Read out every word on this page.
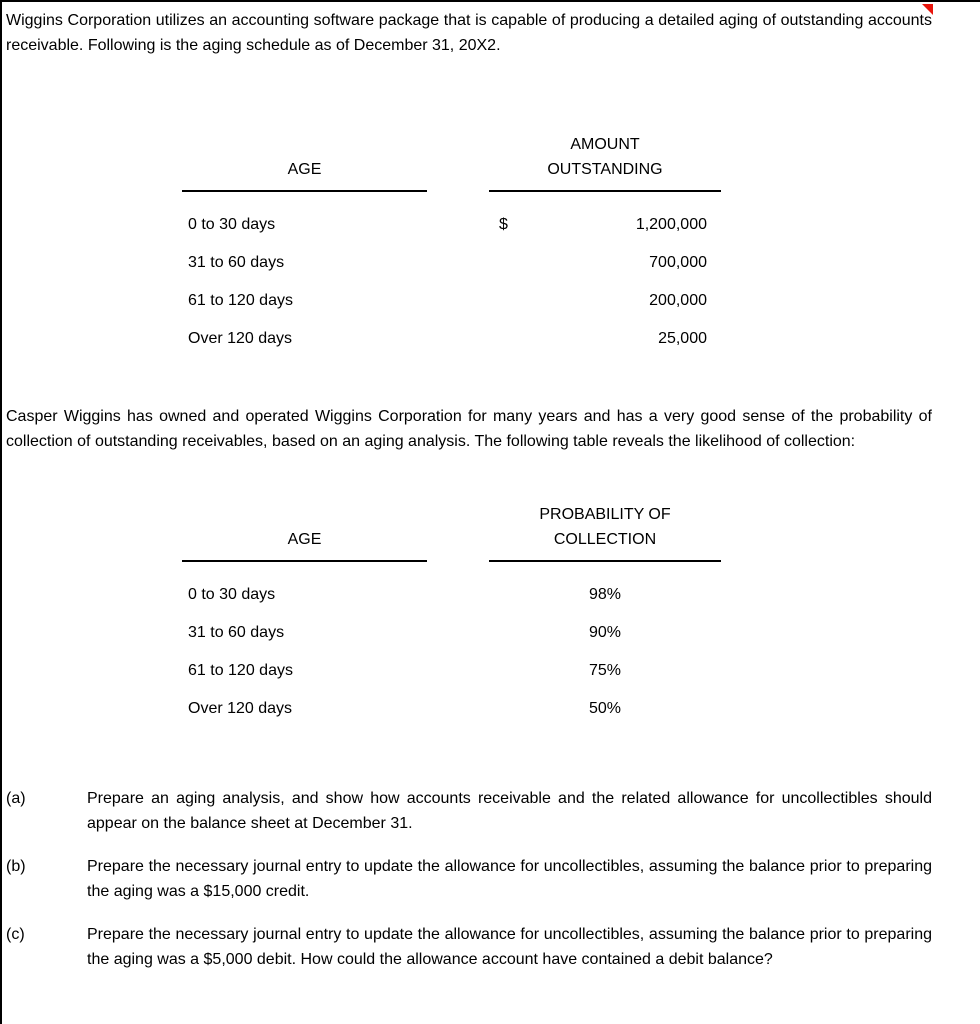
Wiggins Corporation utilizes an accounting software package that is capable of producing a detailed aging of outstanding accounts receivable. Following is the aging schedule as of December 31, 20X2.

AGE
AMOUNT
OUTSTANDING
0 to 30 days	$	1,200,000
31 to 60 days	700,000
61 to 120 days	200,000
Over 120 days	25,000

Casper Wiggins has owned and operated Wiggins Corporation for many years and has a very good sense of the probability of collection of outstanding receivables, based on an aging analysis. The following table reveals the likelihood of collection:

AGE
PROBABILITY OF
COLLECTION
0 to 30 days	98%
31 to 60 days	90%
61 to 120 days	75%
Over 120 days	50%
(a)	Prepare an aging analysis, and show how accounts receivable and the related allowance for uncollectibles should appear on the balance sheet at December 31.
(b)	Prepare the necessary journal entry to update the allowance for uncollectibles, assuming the balance prior to preparing the aging was a $15,000 credit.
(c)	Prepare the necessary journal entry to update the allowance for uncollectibles, assuming the balance prior to preparing the aging was a $5,000 debit. How could the allowance account have contained a debit balance?
